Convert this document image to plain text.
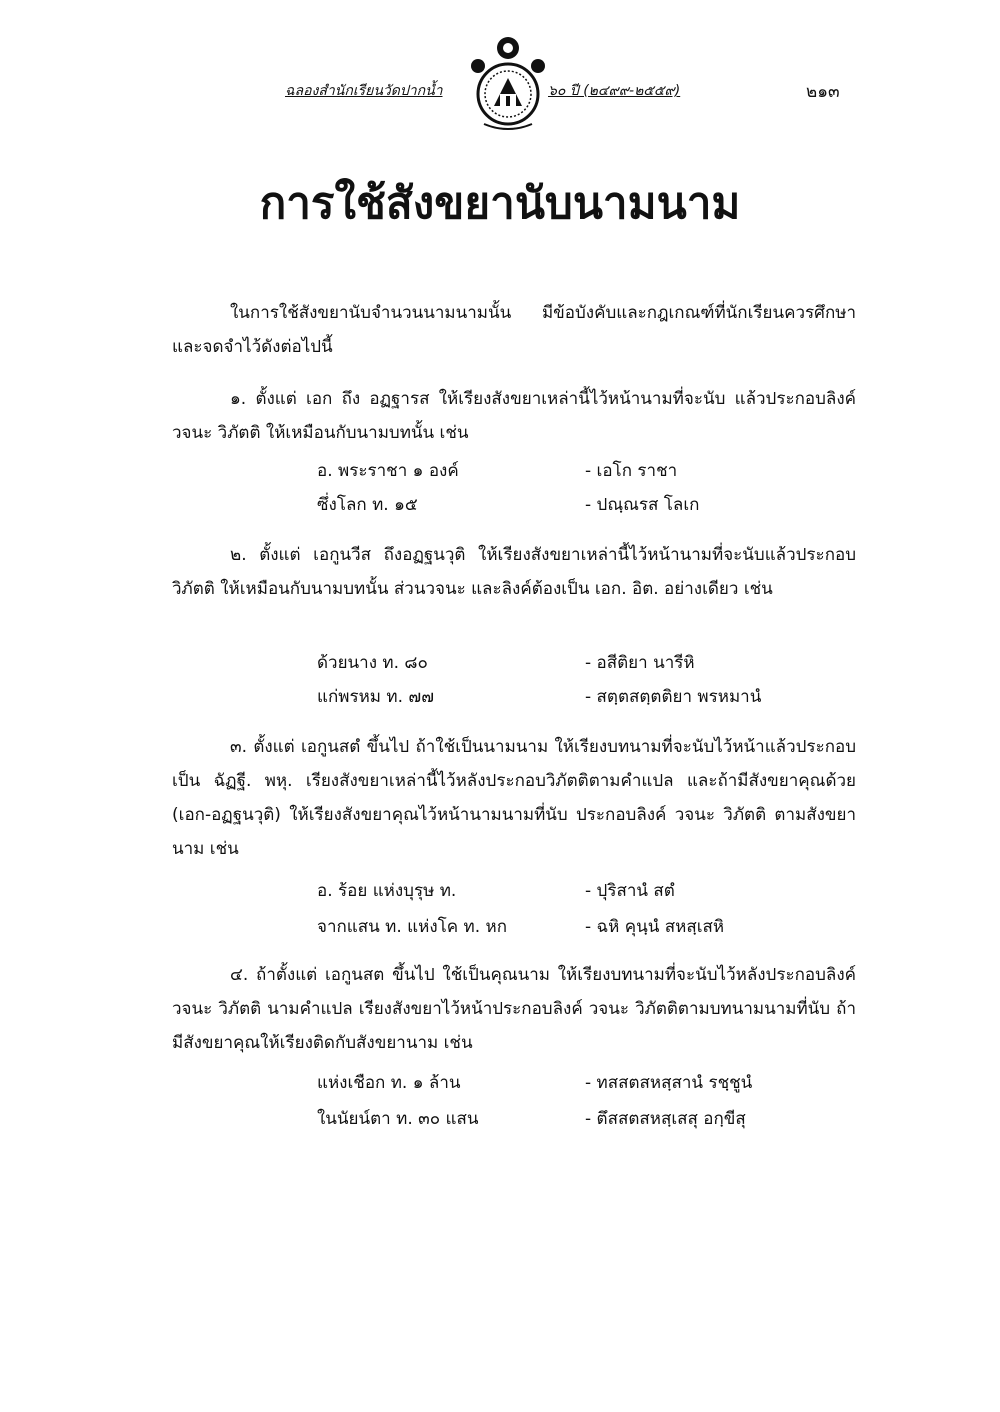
ฉลองสำนักเรียนวัดปากน้ำ	๖๐ ปี (๒๔๙๙-๒๕๕๙)	๒๑๓
การใช้สังขยานับนามนาม
ในการใช้สังขยานับจำนวนนามนามนั้น มีข้อบังคับและกฎเกณฑ์ที่นักเรียนควรศึกษาและจดจำไว้ดังต่อไปนี้
๑. ตั้งแต่ เอก ถึง อฏฐารส ให้เรียงสังขยาเหล่านี้ไว้หน้านามที่จะนับ แล้วประกอบลิงค์ วจนะ วิภัตติ ให้เหมือนกับนามบทนั้น เช่น
อ. พระราชา ๑ องค์	- เอโก ราชา
ซึ่งโลก ท. ๑๕	- ปณฺณรส โลเก
๒. ตั้งแต่ เอกูนวีส ถึงอฏฐนวุติ ให้เรียงสังขยาเหล่านี้ไว้หน้านามที่จะนับแล้วประกอบ วิภัตติ ให้เหมือนกับนามบทนั้น ส่วนวจนะ และลิงค์ต้องเป็น เอก. อิต. อย่างเดียว เช่น
ด้วยนาง ท. ๘๐	- อสีติยา นารีหิ
แก่พรหม ท. ๗๗	- สตฺตสตฺตติยา พรหมานํ
๓. ตั้งแต่ เอกูนสตํ ขึ้นไป ถ้าใช้เป็นนามนาม ให้เรียงบทนามที่จะนับไว้หน้าแล้วประกอบเป็น ฉัฏฐี. พหุ. เรียงสังขยาเหล่านี้ไว้หลังประกอบวิภัตติตามคำแปล และถ้ามีสังขยาคุณด้วย (เอก-อฏฐนวุติ) ให้เรียงสังขยาคุณไว้หน้านามนามที่นับ ประกอบลิงค์ วจนะ วิภัตติ ตามสังขยานาม เช่น
อ. ร้อย แห่งบุรุษ ท.	- ปุริสานํ สตํ
จากแสน ท. แห่งโค ท. หก	- ฉหิ คุนฺนํ สหสฺเสหิ
๔. ถ้าตั้งแต่ เอกูนสต ขึ้นไป ใช้เป็นคุณนาม ให้เรียงบทนามที่จะนับไว้หลังประกอบลิงค์ วจนะ วิภัตติ นามคำแปล เรียงสังขยาไว้หน้าประกอบลิงค์ วจนะ วิภัตติตามบทนามนามที่นับ ถ้ามีสังขยาคุณให้เรียงติดกับสังขยานาม เช่น
แห่งเชือก ท. ๑ ล้าน	- ทสสตสหสฺสานํ รชฺชูนํ
ในนัยน์ตา ท. ๓๐ แสน	- ตึสสตสหสฺเสสุ อกฺขีสุ
